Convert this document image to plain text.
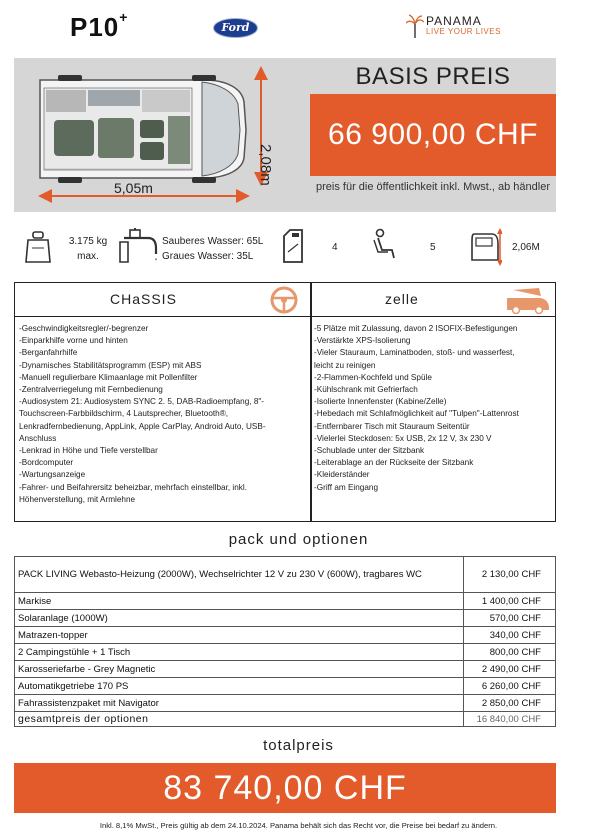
P10+
Ford	PANAMA
LIVE YOUR LIVES
2,08m
5,05m
BASIS PREIS
66 900,00 CHF
preis für die öffentlichkeit inkl. Mwst., ab händler
3.175 kg
max.
Sauberes Wasser: 65L
Graues Wasser: 35L
4	5	2,06M
CHaSSIS	zelle
-Geschwindigkeitsregler/-begrenzer
-Einparkhilfe vorne und hinten
-Berganfahrhilfe
-Dynamisches Stabilitätsprogramm (ESP) mit ABS
-Manuell regulierbare Klimaanlage mit Pollenfilter
-Zentralverriegelung mit Fernbedienung
-Audiosystem 21: Audiosystem SYNC 2. 5, DAB-Radioempfang, 8"-
Touchscreen-Farbbildschirm, 4 Lautsprecher, Bluetooth®,
Lenkradfernbedienung, AppLink, Apple CarPlay, Android Auto, USB-
Anschluss
-Lenkrad in Höhe und Tiefe verstellbar
-Bordcomputer
-Wartungsanzeige
-Fahrer- und Beifahrersitz beheizbar, mehrfach einstellbar, inkl.
Höhenverstellung, mit Armlehne
-5 Plätze mit Zulassung, davon 2 ISOFIX-Befestigungen
-Verstärkte XPS-Isolierung
-Vieler Stauraum, Laminatboden, stoß- und wasserfest,
leicht zu reinigen
-2-Flammen-Kochfeld und Spüle
-Kühlschrank mit Gefrierfach
-Isolierte Innenfenster (Kabine/Zelle)
-Hebedach mit Schlafmöglichkeit auf "Tulpen"-Lattenrost
-Entfernbarer Tisch mit Stauraum Seitentür
-Vielerlei Steckdosen: 5x USB, 2x 12 V, 3x 230 V
-Schublade unter der Sitzbank
-Leiterablage an der Rückseite der Sitzbank
-Kleiderständer
-Griff am Eingang
pack und optionen
PACK LIVING Webasto-Heizung (2000W), Wechselrichter 12 V zu 230 V (600W), tragbares WC	2 130,00 CHF
Markise	1 400,00 CHF
Solaranlage (1000W)	570,00 CHF
Matrazen-topper	340,00 CHF
2 Campingstühle + 1 Tisch	800,00 CHF
Karosseriefarbe - Grey Magnetic	2 490,00 CHF
Automatikgetriebe 170 PS	6 260,00 CHF
Fahrassistenzpaket mit Navigator	2 850,00 CHF
gesamtpreis der optionen	16 840,00 CHF
totalpreis
83 740,00 CHF
Inkl. 8,1% MwSt., Preis gültig ab dem 24.10.2024. Panama behält sich das Recht vor, die Preise bei bedarf zu ändern.
